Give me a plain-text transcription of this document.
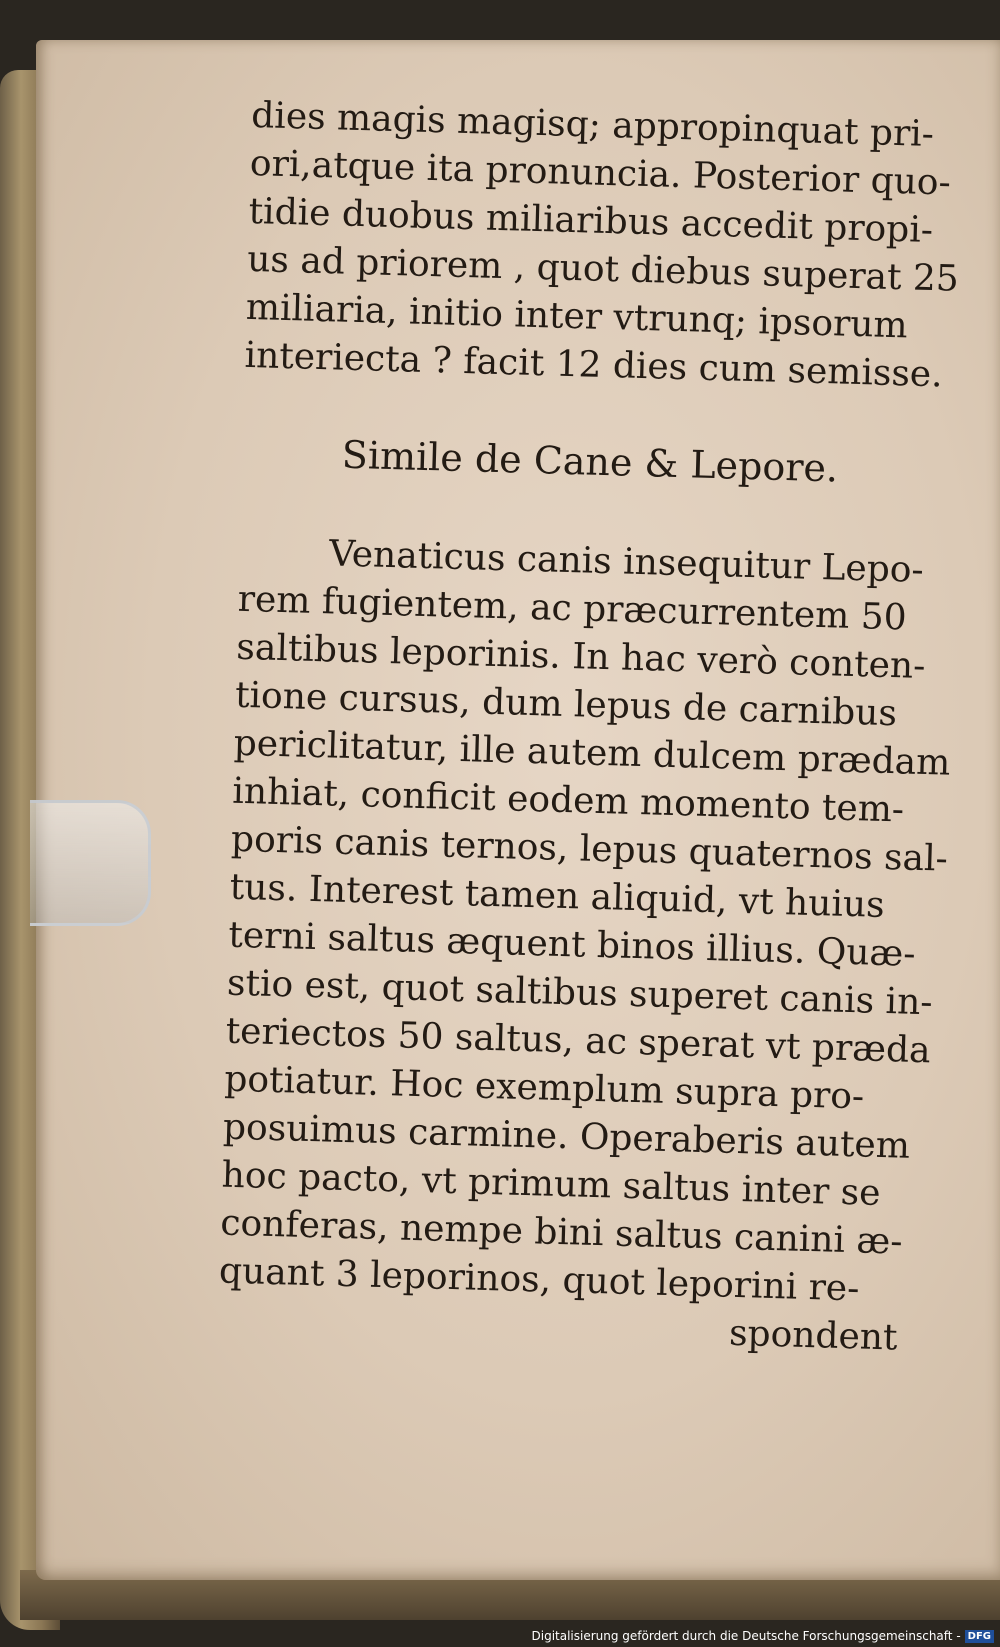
dies magis magisq; appropinquat pri-
ori,atque ita pronuncia. Posterior quo-
tidie duobus miliaribus accedit propi-
us ad priorem , quot diebus superat 25
miliaria, initio inter vtrunq; ipsorum
interiecta ? facit 12 dies cum semisse.
Simile de Cane & Lepore.
Venaticus canis insequitur Lepo-
rem fugientem, ac præcurrentem 50
saltibus leporinis. In hac verò conten-
tione cursus, dum lepus de carnibus
periclitatur, ille autem dulcem prædam
inhiat, conficit eodem momento tem-
poris canis ternos, lepus quaternos sal-
tus. Interest tamen aliquid, vt huius
terni saltus æquent binos illius. Quæ-
stio est, quot saltibus superet canis in-
teriectos 50 saltus, ac sperat vt præda
potiatur. Hoc exemplum supra pro-
posuimus carmine. Operaberis autem
hoc pacto, vt primum saltus inter se
conferas, nempe bini saltus canini æ-
quant 3 leporinos, quot leporini re-
spondent
Digitalisierung gefördert durch die Deutsche Forschungsgemeinschaft - DFG
